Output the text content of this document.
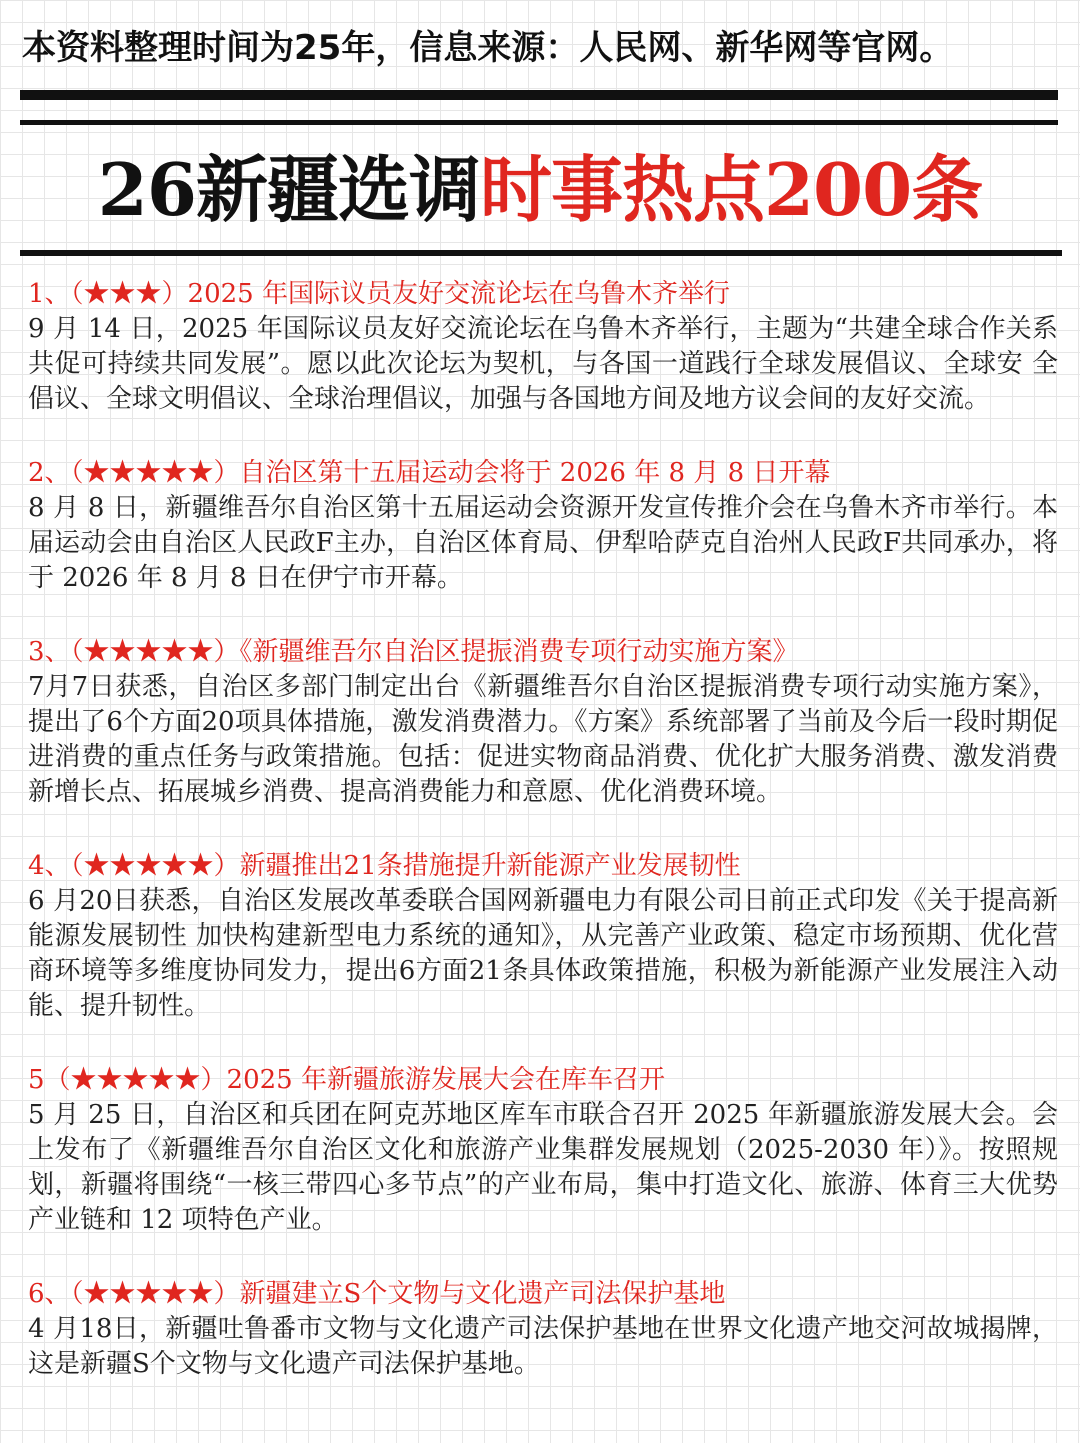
本资料整理时间为25年，信息来源：人民网、新华网等官网。
26新疆选调时事热点200条
1、（★★★）2025 年国际议员友好交流论坛在乌鲁木齐举行
9 月 14 日，2025 年国际议员友好交流论坛在乌鲁木齐举行，主题为“共建全球合作关系 共促可持续共同发展”。愿以此次论坛为契机，与各国一道践行全球发展倡议、全球安 全倡议、全球文明倡议、全球治理倡议，加强与各国地方间及地方议会间的友好交流。
2、（★★★★★）自治区第十五届运动会将于 2026 年 8 月 8 日开幕
8 月 8 日，新疆维吾尔自治区第十五届运动会资源开发宣传推介会在乌鲁木齐市举行。本届运动会由自治区人民政F主办，自治区体育局、伊犁哈萨克自治州人民政F共同承办，将于 2026 年 8 月 8 日在伊宁市开幕。
3、（★★★★★）《新疆维吾尔自治区提振消费专项行动实施方案》
7月7日获悉，自治区多部门制定出台《新疆维吾尔自治区提振消费专项行动实施方案》，提出了6个方面20项具体措施，激发消费潜力。《方案》系统部署了当前及今后一段时期促进消费的重点任务与政策措施。包括：促进实物商品消费、优化扩大服务消费、激发消费新增长点、拓展城乡消费、提高消费能力和意愿、优化消费环境。
4、（★★★★★）新疆推出21条措施提升新能源产业发展韧性
6 月20日获悉，自治区发展改革委联合国网新疆电力有限公司日前正式印发《关于提高新能源发展韧性 加快构建新型电力系统的通知》，从完善产业政策、稳定市场预期、优化营商环境等多维度协同发力，提出6方面21条具体政策措施，积极为新能源产业发展注入动能、提升韧性。
5（★★★★★）2025 年新疆旅游发展大会在库车召开
5 月 25 日，自治区和兵团在阿克苏地区库车市联合召开 2025 年新疆旅游发展大会。会上发布了《新疆维吾尔自治区文化和旅游产业集群发展规划（2025-2030 年）》。按照规划，新疆将围绕“一核三带四心多节点”的产业布局，集中打造文化、旅游、体育三大优势产业链和 12 项特色产业。
6、（★★★★★）新疆建立S个文物与文化遗产司法保护基地
4 月18日，新疆吐鲁番市文物与文化遗产司法保护基地在世界文化遗产地交河故城揭牌，这是新疆S个文物与文化遗产司法保护基地。
